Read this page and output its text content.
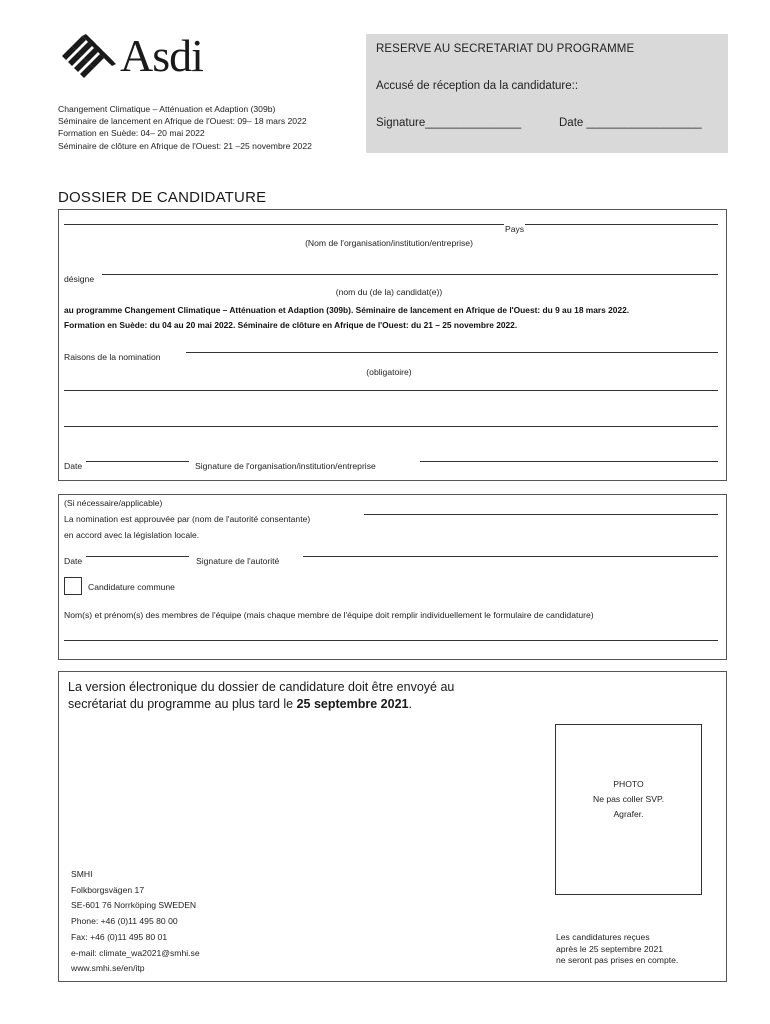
Asdi
Changement Climatique – Atténuation et Adaption (309b)
Séminaire de lancement en Afrique de l'Ouest: 09– 18 mars 2022
Formation en Suède: 04– 20 mai 2022
Séminaire de clôture en Afrique de l'Ouest: 21 –25 novembre 2022
RESERVE AU SECRETARIAT DU PROGRAMME
Accusé de réception da la candidature::
Signature_______________	Date __________________
DOSSIER DE CANDIDATURE
Pays
(Nom de l'organisation/institution/entreprise)
désigne
(nom du (de la) candidat(e))
au programme Changement Climatique – Atténuation et Adaption (309b). Séminaire de lancement en Afrique de l'Ouest: du 9 au 18 mars 2022.
Formation en Suède: du 04 au 20 mai 2022. Séminaire de clôture en Afrique de l'Ouest: du 21 – 25 novembre 2022.
Raisons de la nomination
(obligatoire)
Date	Signature de l'organisation/institution/entreprise
(Si nécessaire/applicable)
La nomination est approuvée par (nom de l'autorité consentante)
en accord avec la législation locale.
Date	Signature de l'autorité
Candidature commune
Nom(s) et prénom(s) des membres de l'équipe (mais chaque membre de l'équipe doit remplir individuellement le formulaire de candidature)
La version électronique du dossier de candidature doit être envoyé au secrétariat du programme au plus tard le 25 septembre 2021.
PHOTO
Ne pas coller SVP.
Agrafer.
SMHI
Folkborgsvägen 17
SE-601 76 Norrköping SWEDEN
Phone: +46 (0)11 495 80 00
Fax: +46 (0)11 495 80 01
e-mail: climate_wa2021@smhi.se
www.smhi.se/en/itp
Les candidatures reçues
après le 25 septembre 2021
ne seront pas prises en compte.
